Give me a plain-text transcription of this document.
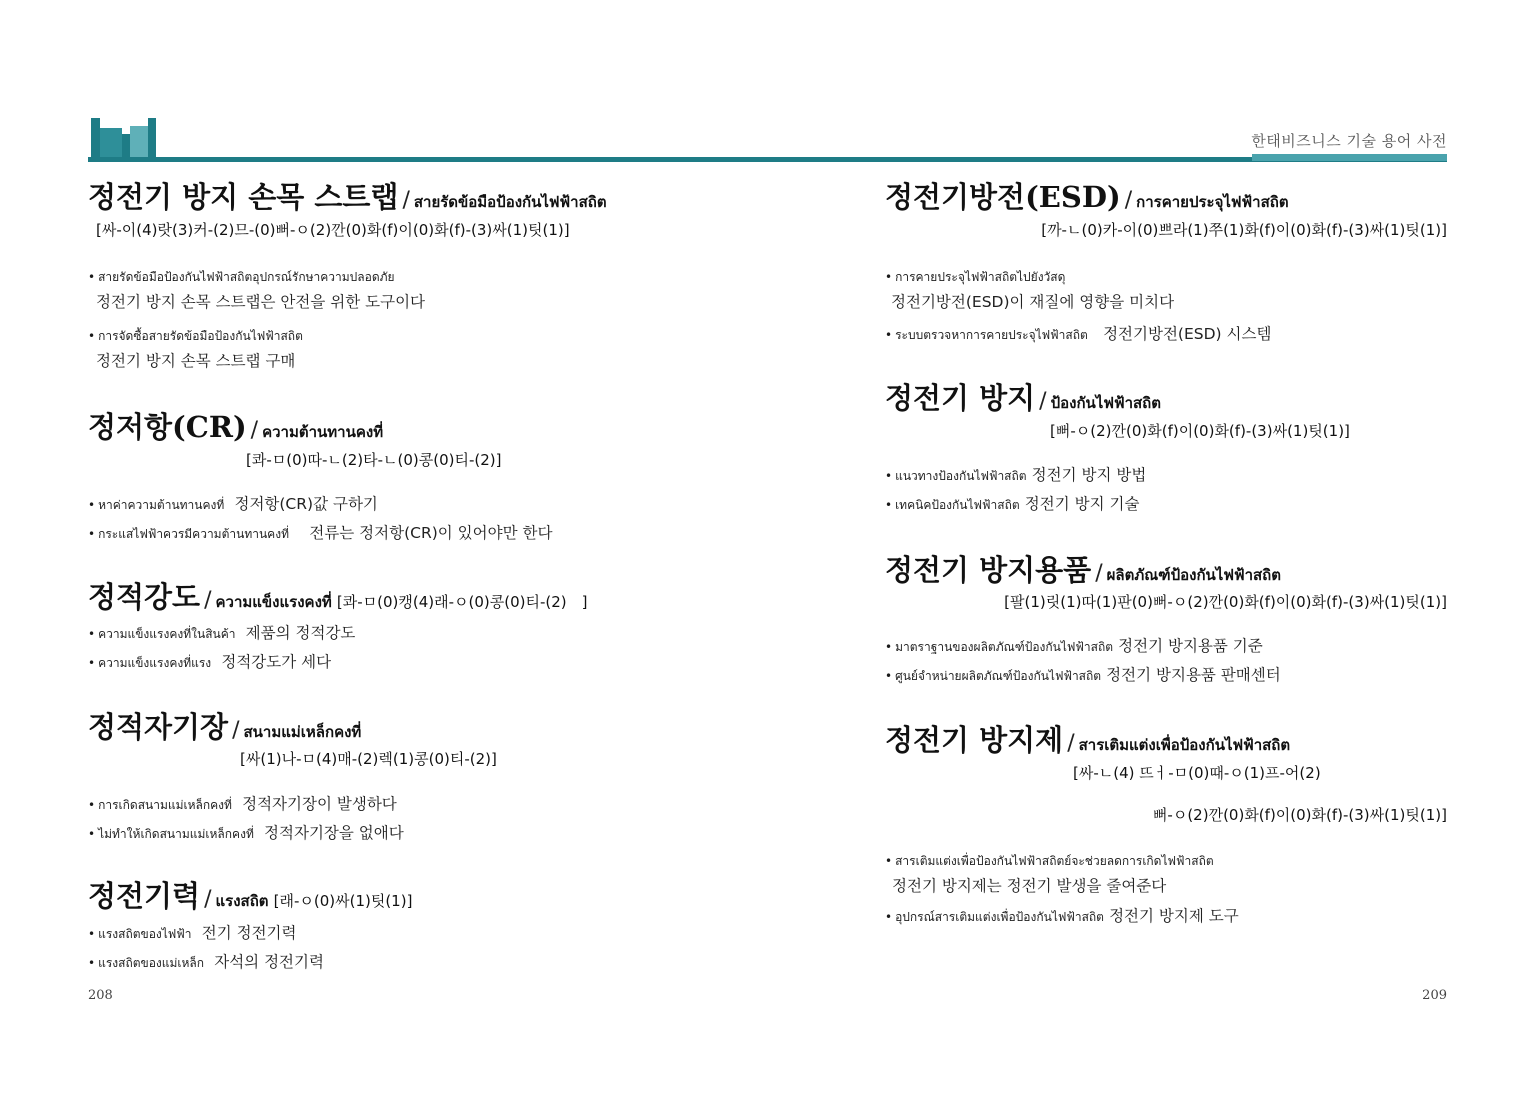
한태비즈니스 기술 용어 사전
정전기 방지 손목 스트랩 / สายรัดข้อมือป้องกันไฟฟ้าสถิต
[싸-이(4)랏(3)커-(2)므-(0)뻐-ㅇ(2)깐(0)화(f)이(0)화(f)-(3)싸(1)팃(1)]
• สายรัดข้อมือป้องกันไฟฟ้าสถิตอุปกรณ์รักษาความปลอดภัย
정전기 방지 손목 스트랩은 안전을 위한 도구이다
• การจัดซื้อสายรัดข้อมือป้องกันไฟฟ้าสถิต
정전기 방지 손목 스트랩 구매
정저항(CR) / ความต้านทานคงที่
[콰-ㅁ(0)따-ㄴ(2)타-ㄴ(0)콩(0)티-(2)]
• หาค่าความต้านทานคงที่ 정저항(CR)값 구하기
• กระแสไฟฟ้าควรมีความต้านทานคงที่ 전류는 정저항(CR)이 있어야만 한다
정적강도 / ความแข็งแรงคงที่ [콰-ㅁ(0)캥(4)래-ㅇ(0)콩(0)티-(2)　]
• ความแข็งแรงคงที่ในสินค้า 제품의 정적강도
• ความแข็งแรงคงที่แรง 정적강도가 세다
정적자기장 / สนามแม่เหล็กคงที่
[싸(1)나-ㅁ(4)매-(2)렉(1)콩(0)티-(2)]
• การเกิดสนามแม่เหล็กคงที่ 정적자기장이 발생하다
• ไม่ทำให้เกิดสนามแม่เหล็กคงที่ 정적자기장을 없애다
정전기력 / แรงสถิต [래-ㅇ(0)싸(1)팃(1)]
• แรงสถิตของไฟฟ้า 전기 정전기력
• แรงสถิตของแม่เหล็ก 자석의 정전기력
208
정전기방전(ESD) / การคายประจุไฟฟ้าสถิต
[까-ㄴ(0)카-이(0)쁘라(1)쭈(1)화(f)이(0)화(f)-(3)싸(1)팃(1)]
• การคายประจุไฟฟ้าสถิตไปยังวัสดุ
정전기방전(ESD)이 재질에 영향을 미치다
• ระบบตรวจหาการคายประจุไฟฟ้าสถิต 정전기방전(ESD) 시스템
정전기 방지 / ป้องกันไฟฟ้าสถิต
[뻐-ㅇ(2)깐(0)화(f)이(0)화(f)-(3)싸(1)팃(1)]
• แนวทางป้องกันไฟฟ้าสถิต 정전기 방지 방법
• เทคนิคป้องกันไฟฟ้าสถิต 정전기 방지 기술
정전기 방지용품 / ผลิตภัณฑ์ป้องกันไฟฟ้าสถิต
[팔(1)릿(1)따(1)판(0)뻐-ㅇ(2)깐(0)화(f)이(0)화(f)-(3)싸(1)팃(1)]
• มาตราฐานของผลิตภัณฑ์ป้องกันไฟฟ้าสถิต 정전기 방지용품 기준
• ศูนย์จำหน่ายผลิตภัณฑ์ป้องกันไฟฟ้าสถิต 정전기 방지용품 판매센터
정전기 방지제 / สารเติมแต่งเพื่อป้องกันไฟฟ้าสถิต
[싸-ㄴ(4) 뜨ㅓ-ㅁ(0)때-ㅇ(1)프-어(2)
뻐-ㅇ(2)깐(0)화(f)이(0)화(f)-(3)싸(1)팃(1)]
• สารเติมแต่งเพื่อป้องกันไฟฟ้าสถิตย์จะช่วยลดการเกิดไฟฟ้าสถิต
정전기 방지제는 정전기 발생을 줄여준다
• อุปกรณ์สารเติมแต่งเพื่อป้องกันไฟฟ้าสถิต 정전기 방지제 도구
209
